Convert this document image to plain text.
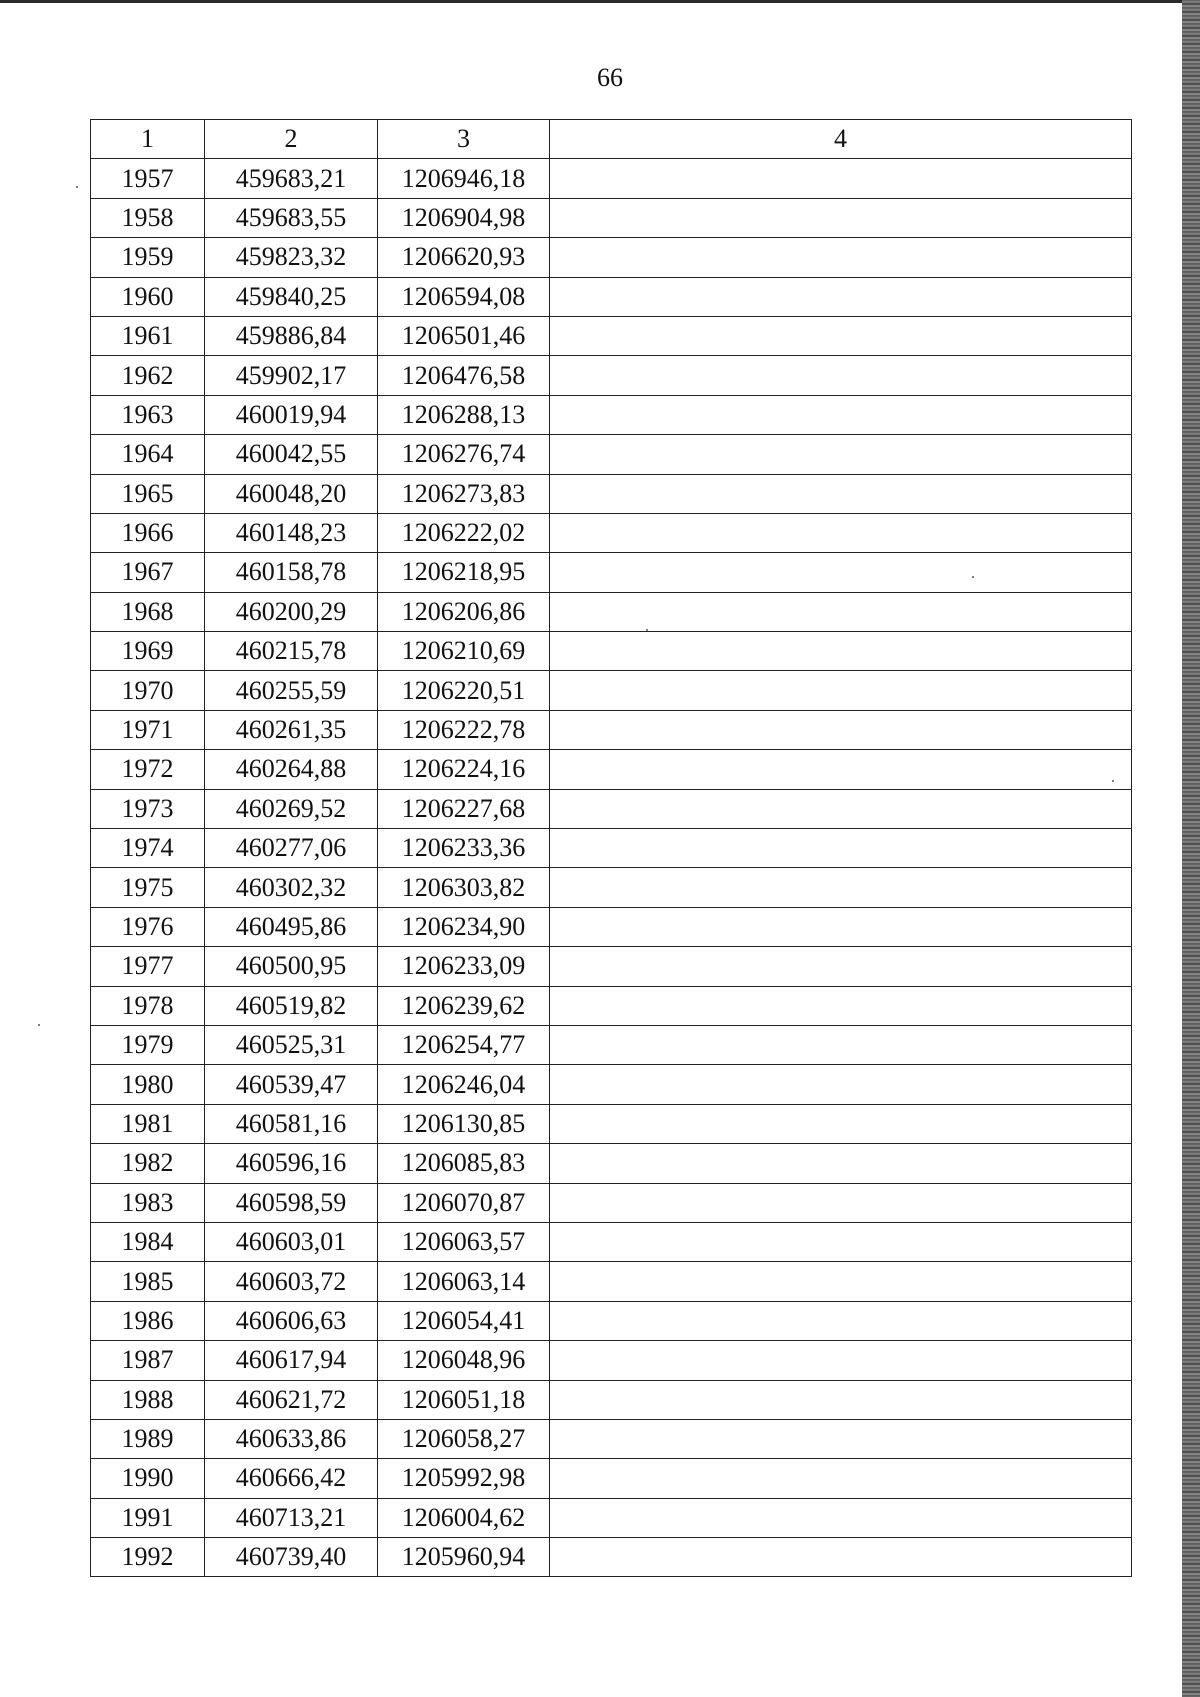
66
1	2	3	4
1957	459683,21	1206946,18	
1958	459683,55	1206904,98	
1959	459823,32	1206620,93	
1960	459840,25	1206594,08	
1961	459886,84	1206501,46	
1962	459902,17	1206476,58	
1963	460019,94	1206288,13	
1964	460042,55	1206276,74	
1965	460048,20	1206273,83	
1966	460148,23	1206222,02	
1967	460158,78	1206218,95	
1968	460200,29	1206206,86	
1969	460215,78	1206210,69	
1970	460255,59	1206220,51	
1971	460261,35	1206222,78	
1972	460264,88	1206224,16	
1973	460269,52	1206227,68	
1974	460277,06	1206233,36	
1975	460302,32	1206303,82	
1976	460495,86	1206234,90	
1977	460500,95	1206233,09	
1978	460519,82	1206239,62	
1979	460525,31	1206254,77	
1980	460539,47	1206246,04	
1981	460581,16	1206130,85	
1982	460596,16	1206085,83	
1983	460598,59	1206070,87	
1984	460603,01	1206063,57	
1985	460603,72	1206063,14	
1986	460606,63	1206054,41	
1987	460617,94	1206048,96	
1988	460621,72	1206051,18	
1989	460633,86	1206058,27	
1990	460666,42	1205992,98	
1991	460713,21	1206004,62	
1992	460739,40	1205960,94	
